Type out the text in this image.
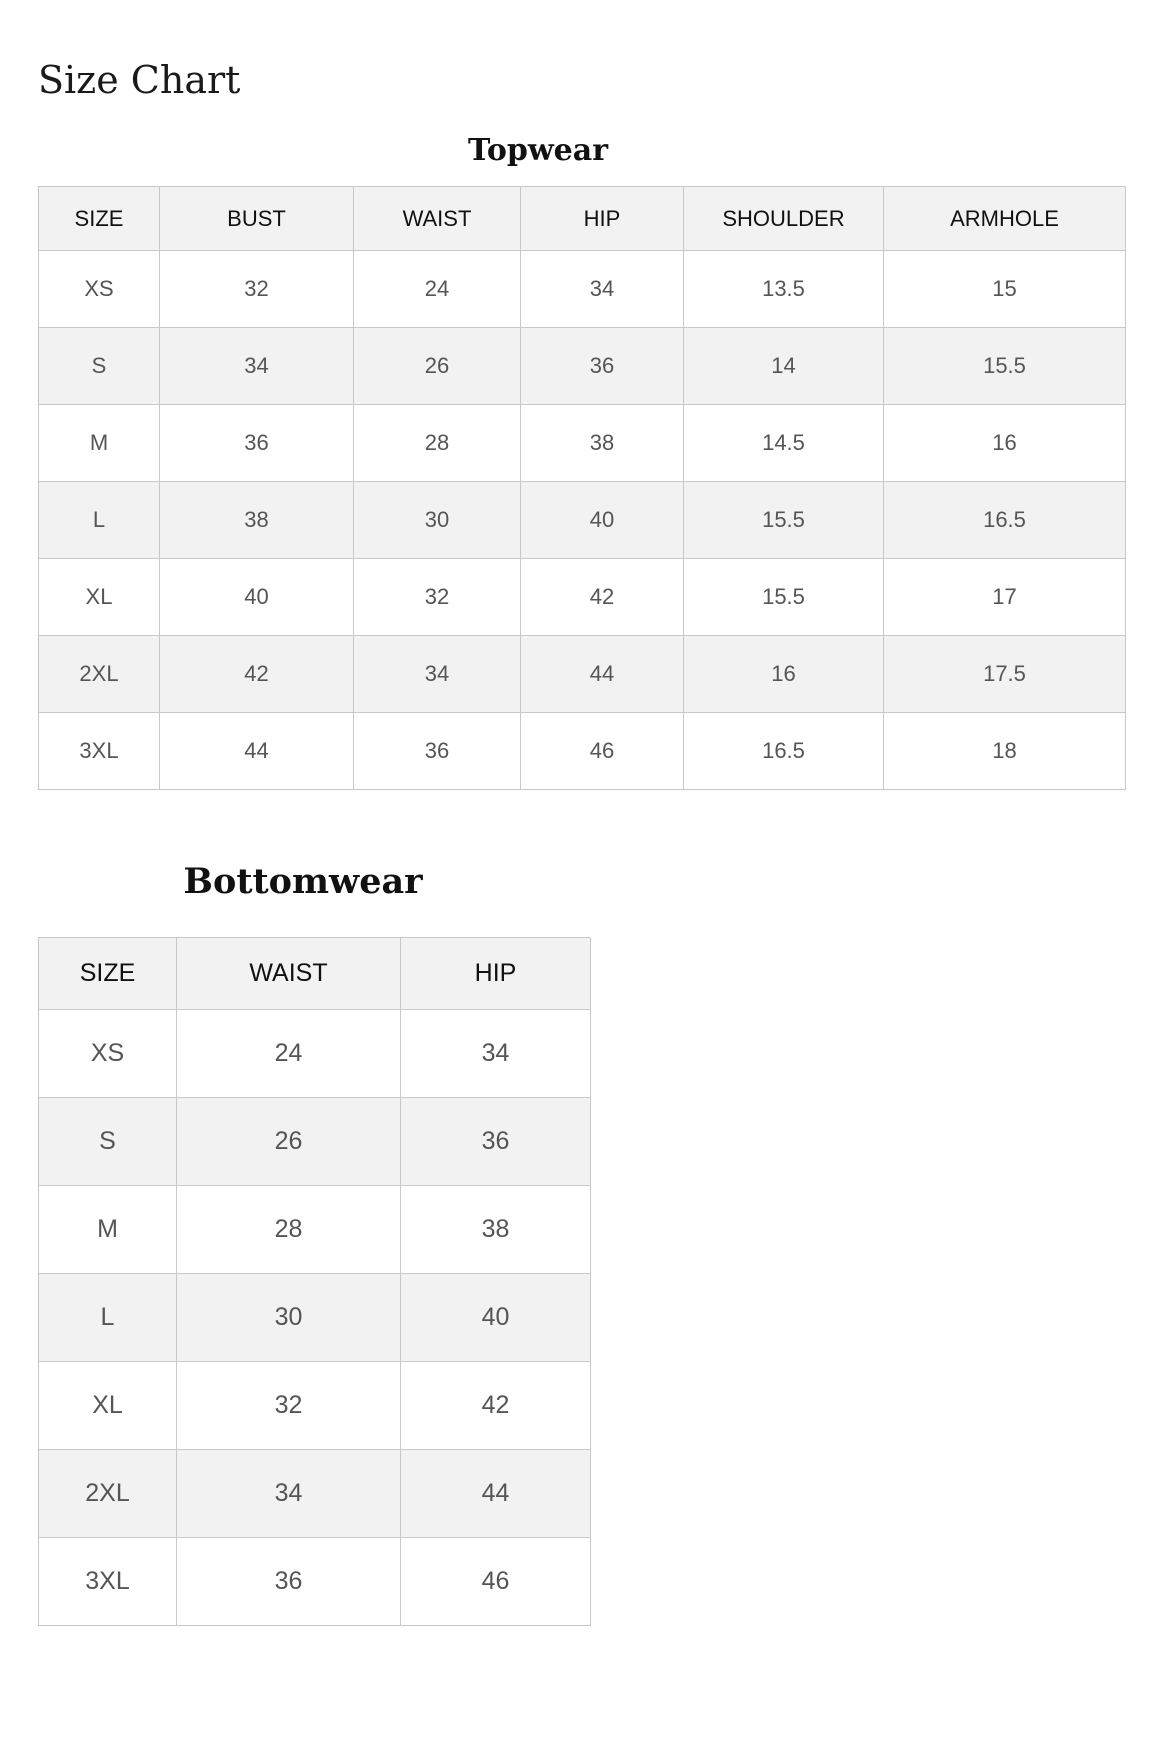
Size Chart
Topwear
SIZE	BUST	WAIST	HIP	SHOULDER	ARMHOLE
XS	32	24	34	13.5	15
S	34	26	36	14	15.5
M	36	28	38	14.5	16
L	38	30	40	15.5	16.5
XL	40	32	42	15.5	17
2XL	42	34	44	16	17.5
3XL	44	36	46	16.5	18
Bottomwear
SIZE	WAIST	HIP
XS	24	34
S	26	36
M	28	38
L	30	40
XL	32	42
2XL	34	44
3XL	36	46
